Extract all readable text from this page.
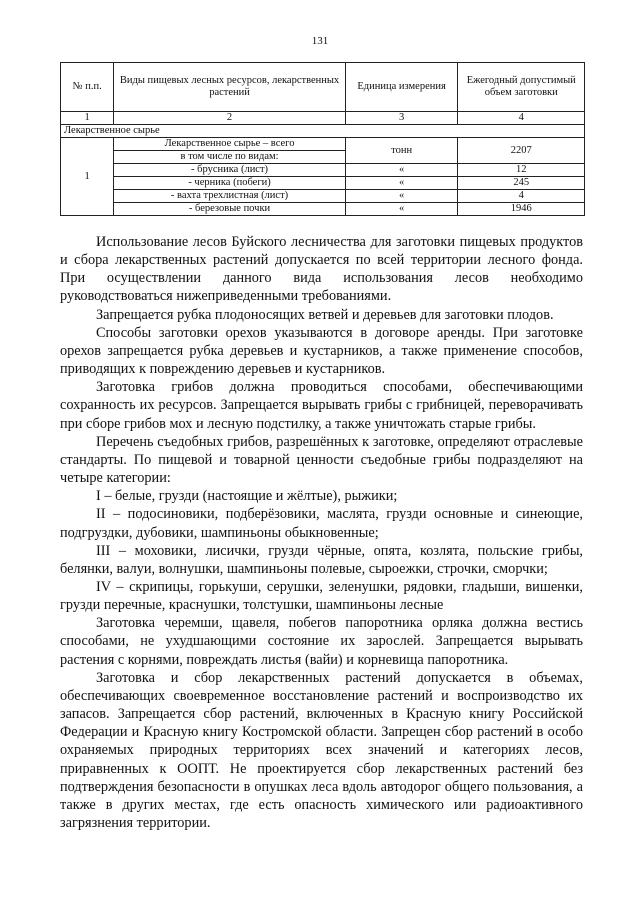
131
№ п.п.	Виды пищевых лесных ресурсов, лекарственных растений	Единица измерения	Ежегодный допустимый объем заготовки
1	2	3	4
Лекарственное сырье			
1	Лекарственное сырье – всего	тонн	2207
	в том числе по видам:		
	- брусника (лист)	«	12
	- черника (побеги)	«	245
	- вахта трехлистная (лист)	«	4
	- березовые почки	«	1946

Использование лесов Буйского лесничества для заготовки пищевых продуктов и сбора лекарственных растений допускается по всей территории лесного фонда. При осуществлении данного вида использования лесов необходимо руководствоваться нижеприведенными требованиями.

Запрещается рубка плодоносящих ветвей и деревьев для заготовки плодов.

Способы заготовки орехов указываются в договоре аренды. При заготовке орехов запрещается рубка деревьев и кустарников, а также применение способов, приводящих к повреждению деревьев и кустарников.

Заготовка грибов должна проводиться способами, обеспечивающими сохранность их ресурсов. Запрещается вырывать грибы с грибницей, переворачивать при сборе грибов мох и лесную подстилку, а также уничтожать старые грибы.

Перечень съедобных грибов, разрешённых к заготовке, определяют отраслевые стандарты. По пищевой и товарной ценности съедобные грибы подразделяют на четыре категории:

I – белые, грузди (настоящие и жёлтые), рыжики;

II – подосиновики, подберёзовики, маслята, грузди основные и синеющие, подгруздки, дубовики, шампиньоны обыкновенные;

III – моховики, лисички, грузди чёрные, опята, козлята, польские грибы, белянки, валуи, волнушки, шампиньоны полевые, сыроежки, строчки, сморчки;

IV – скрипицы, горькуши, серушки, зеленушки, рядовки, гладыши, вишенки, грузди перечные, краснушки, толстушки, шампиньоны лесные

Заготовка черемши, щавеля, побегов папоротника орляка должна вестись способами, не ухудшающими состояние их зарослей. Запрещается вырывать растения с корнями, повреждать листья (вайи) и корневища папоротника.

Заготовка и сбор лекарственных растений допускается в объемах, обеспечивающих своевременное восстановление растений и воспроизводство их запасов. Запрещается сбор растений, включенных в Красную книгу Российской Федерации и Красную книгу Костромской области. Запрещен сбор растений в особо охраняемых природных территориях всех значений и категориях лесов, приравненных к ООПТ. Не проектируется сбор лекарственных растений без подтверждения безопасности в опушках леса вдоль автодорог общего пользования, а также в других местах, где есть опасность химического или радиоактивного загрязнения территории.
